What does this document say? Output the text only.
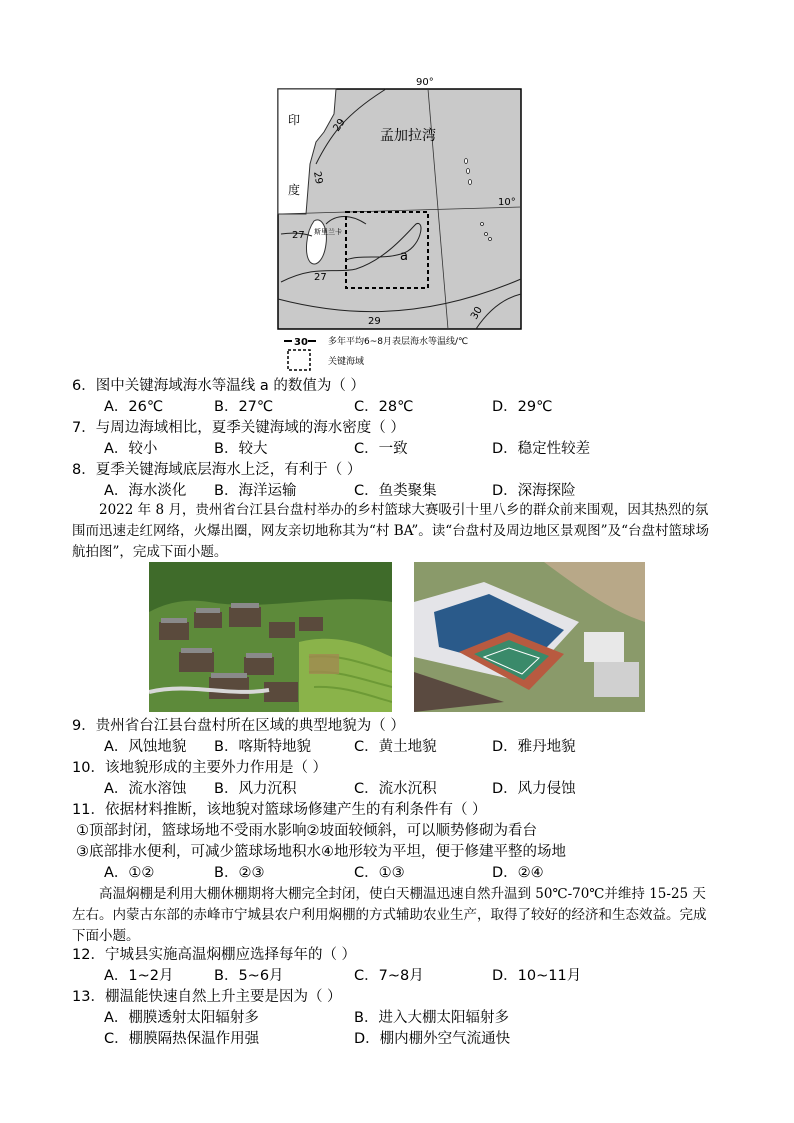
90°
10°
印
度
孟加拉湾
斯里兰卡
a
29
29
27
27
29	30
30 多年平均6~8月表层海水等温线/℃
关键海域
6．图中关键海域海水等温线 a 的数值为（ ）
A．26℃	B．27℃	C．28℃	D．29℃
7．与周边海域相比，夏季关键海域的海水密度（ ）
A．较小	B．较大	C．一致	D．稳定性较差
8．夏季关键海域底层海水上泛，有利于（ ）
A．海水淡化 B．海洋运输	C．鱼类聚集	D．深海探险
2022 年 8 月，贵州省台江县台盘村举办的乡村篮球大赛吸引十里八乡的群众前来围观，因其热烈的氛围而迅速走红网络，火爆出圈，网友亲切地称其为“村 BA”。读“台盘村及周边地区景观图”及“台盘村篮球场航拍图”，完成下面小题。
9．贵州省台江县台盘村所在区域的典型地貌为（ ）
A．风蚀地貌 B．喀斯特地貌	C．黄土地貌	D．雅丹地貌
10．该地貌形成的主要外力作用是（ ）
A．流水溶蚀 B．风力沉积	C．流水沉积	D．风力侵蚀
11．依据材料推断，该地貌对篮球场修建产生的有利条件有（ ）
①顶部封闭，篮球场地不受雨水影响②坡面较倾斜，可以顺势修砌为看台
③底部排水便利，可减少篮球场地积水④地形较为平坦，便于修建平整的场地
A．①②	B．②③	C．①③	D．②④
高温焖棚是利用大棚休棚期将大棚完全封闭，使白天棚温迅速自然升温到 50℃-70℃并维持 15-25 天左右。内蒙古东部的赤峰市宁城县农户利用焖棚的方式辅助农业生产，取得了较好的经济和生态效益。完成下面小题。
12．宁城县实施高温焖棚应选择每年的（ ）
A．1~2月	B．5~6月	C．7~8月	D．10~11月
13．棚温能快速自然上升主要是因为（ ）
A．棚膜透射太阳辐射多	B．进入大棚太阳辐射多
C．棚膜隔热保温作用强	D．棚内棚外空气流通快
